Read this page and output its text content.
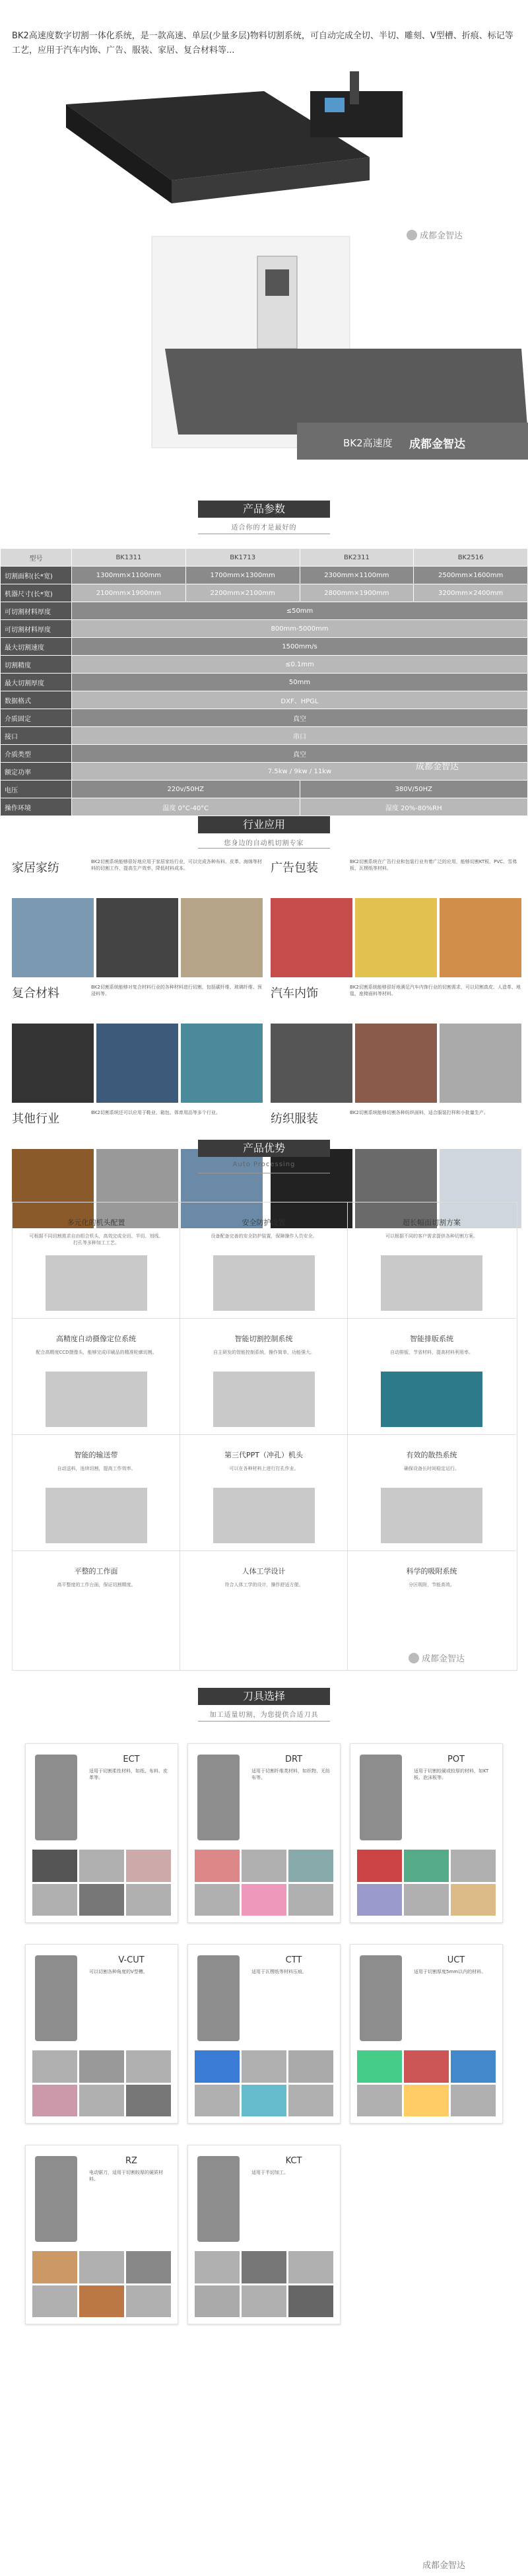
BK2高速度数字切割一体化系统，是一款高速、单层(少量多层)物料切割系统，可自动完成全切、半切、雕刻、V型槽、折痕、标记等工艺，应用于汽车内饰、广告、服装、家居、复合材料等...

成都金智达
BK2高速度 成都金智达
产品参数
适合你的才是最好的
型号	BK1311	BK1713	BK2311	BK2516
切割面积(长*宽)	1300mm×1100mm	1700mm×1300mm	2300mm×1100mm	2500mm×1600mm
机器尺寸(长*宽)	2100mm×1900mm	2200mm×2100mm	2800mm×1900mm	3200mm×2400mm
可切割材料厚度	≤50mm			
可切割材料厚度	800mm-5000mm			
最大切割速度	1500mm/s			
切割精度	≤0.1mm			
最大切割厚度	50mm			
数据格式	DXF、HPGL			
介质固定	真空			
接口	串口			
介质类型	真空			
额定功率	7.5kw / 9kw / 11kw			
电压	220v/50HZ		380V/50HZ	
操作环境	温度 0°C-40°C		湿度 20%-80%RH	
成都金智达
行业应用
您身边的自动机切割专家
家居家纺	BK2切割系统能够很好地应用于家居家纺行业，可以完成各种布料、皮革、海绵等材料的切割工作，提高生产效率，降低材料成本。	广告包装	BK2切割系统在广告行业和包装行业有着广泛的应用，能够切割KT板、PVC、雪弗板、瓦楞纸等材料。
复合材料	BK2切割系统能够对复合材料行业的各种材料进行切割，包括碳纤维、玻璃纤维、预浸料等。	汽车内饰	BK2切割系统能够很好地满足汽车内饰行业的切割需求，可以切割真皮、人造革、地毯、座椅面料等材料。
其他行业	BK2切割系统还可以应用于鞋业、箱包、体育用品等多个行业。	纺织服装	BK2切割系统能够切割各种纺织面料，适合服装打样和小批量生产。
产品优势
Auto Processing
多元化的机头配置
可根据不同切割需求自由组合机头，高效完成全切、半切、划线、打孔等多种加工工艺。
安全防护设置
设备配备完善的安全防护装置，保障操作人员安全。
超长幅面切割方案
可以根据不同的客户需求提供各种切割方案。
高精度自动摄像定位系统
配合高精度CCD摄像头，能够完成印刷品的精准轮廓切割。
智能切割控制系统
自主研发的智能控制系统，操作简单，功能强大。
智能排版系统
自动排版，节省材料，提高材料利用率。
智能的输送带
自动送料，连续切割，提高工作效率。
第三代PPT（冲孔）机头
可以在各种材料上进行打孔作业。
有效的散热系统
确保设备长时间稳定运行。
平整的工作面
高平整度的工作台面，保证切割精度。
人体工学设计
符合人体工学的设计，操作舒适方便。
科学的吸附系统
分区吸附，节能高效。
成都金智达
刀具选择
加工适量切割，为您提供合适刀具
ECT
适用于切割柔性材料，如纸、布料、皮革等。
DRT
适用于切割纤维类材料，如织物、无纺布等。
POT
适用于切割较硬或较厚的材料，如KT板、泡沫板等。
V-CUT
可以切割各种角度的V型槽。
CTT
适用于瓦楞纸等材料压痕。
UCT
适用于切割厚度5mm以内的材料。
RZ
电动锯刀，适用于切割较厚的硬质材料。
KCT
适用于半切加工。
成都金智达
